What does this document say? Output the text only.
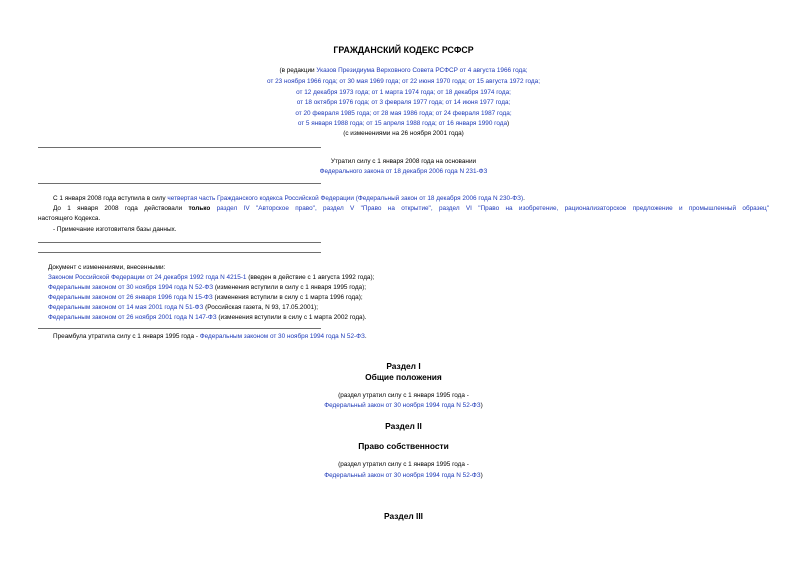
ГРАЖДАНСКИЙ КОДЕКС РСФСР
(в редакции Указов Президиума Верховного Совета РСФСР от 4 августа 1966 года;
от 23 ноября 1966 года; от 30 мая 1969 года; от 22 июня 1970 года; от 15 августа 1972 года;
от 12 декабря 1973 года; от 1 марта 1974 года; от 18 декабря 1974 года;
от 18 октября 1976 года; от 3 февраля 1977 года; от 14 июня 1977 года;
от 20 февраля 1985 года; от 28 мая 1986 года; от 24 февраля 1987 года;
от 5 января 1988 года; от 15 апреля 1988 года; от 16 января 1990 года)
(с изменениями на 26 ноября 2001 года)
Утратил силу с 1 января 2008 года на основании
Федерального закона от 18 декабря 2006 года N 231-ФЗ
С 1 января 2008 года вступила в силу четвертая часть Гражданского кодекса Российской Федерации (Федеральный закон от 18 декабря 2006 года N 230-ФЗ).
До 1 января 2008 года действовали только раздел IV "Авторское право", раздел V "Право на открытие", раздел VI "Право на изобретение, рационализаторское предложение и промышленный образец"
настоящего Кодекса.
- Примечание изготовителя базы данных.
Документ с изменениями, внесенными:
Законом Российской Федерации от 24 декабря 1992 года N 4215-1 (введен в действие с 1 августа 1992 года);
Федеральным законом от 30 ноября 1994 года N 52-ФЗ (изменения вступили в силу с 1 января 1995 года);
Федеральным законом от 26 января 1996 года N 15-ФЗ (изменения вступили в силу с 1 марта 1996 года);
Федеральным законом от 14 мая 2001 года N 51-ФЗ (Российская газета, N 93, 17.05.2001);
Федеральным законом от 26 ноября 2001 года N 147-ФЗ (изменения вступили в силу с 1 марта 2002 года).
Преамбула утратила силу с 1 января 1995 года - Федеральным законом от 30 ноября 1994 года N 52-ФЗ.
Раздел I
Общие положения
(раздел утратил силу с 1 января 1995 года -
Федеральный закон от 30 ноября 1994 года N 52-ФЗ)
Раздел II
Право собственности
(раздел утратил силу с 1 января 1995 года -
Федеральный закон от 30 ноября 1994 года N 52-ФЗ)
Раздел III
